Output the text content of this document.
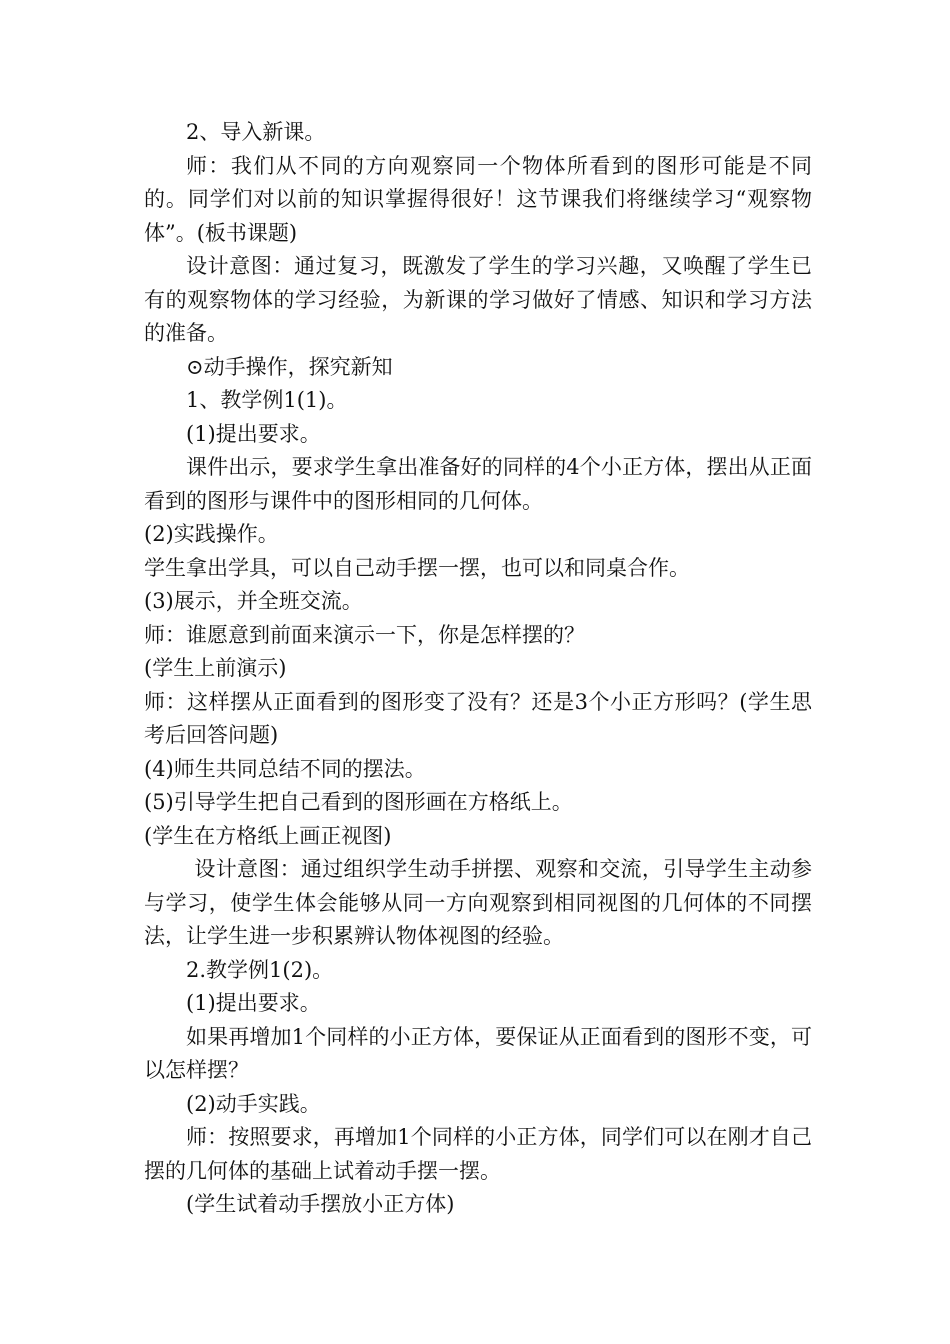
2、导入新课。

师：我们从不同的方向观察同一个物体所看到的图形可能是不同的。同学们对以前的知识掌握得很好！这节课我们将继续学习“观察物体”。(板书课题)

设计意图：通过复习，既激发了学生的学习兴趣，又唤醒了学生已有的观察物体的学习经验，为新课的学习做好了情感、知识和学习方法的准备。

⊙动手操作，探究新知

1、教学例1(1)。

(1)提出要求。

课件出示，要求学生拿出准备好的同样的4个小正方体，摆出从正面看到的图形与课件中的图形相同的几何体。

(2)实践操作。

学生拿出学具，可以自己动手摆一摆，也可以和同桌合作。

(3)展示，并全班交流。

师：谁愿意到前面来演示一下，你是怎样摆的？

(学生上前演示)

师：这样摆从正面看到的图形变了没有？还是3个小正方形吗？(学生思考后回答问题)

(4)师生共同总结不同的摆法。

(5)引导学生把自己看到的图形画在方格纸上。

(学生在方格纸上画正视图)

设计意图：通过组织学生动手拼摆、观察和交流，引导学生主动参与学习，使学生体会能够从同一方向观察到相同视图的几何体的不同摆法，让学生进一步积累辨认物体视图的经验。

2.教学例1(2)。

(1)提出要求。

如果再增加1个同样的小正方体，要保证从正面看到的图形不变，可以怎样摆？

(2)动手实践。

师：按照要求，再增加1个同样的小正方体，同学们可以在刚才自己摆的几何体的基础上试着动手摆一摆。

(学生试着动手摆放小正方体)
